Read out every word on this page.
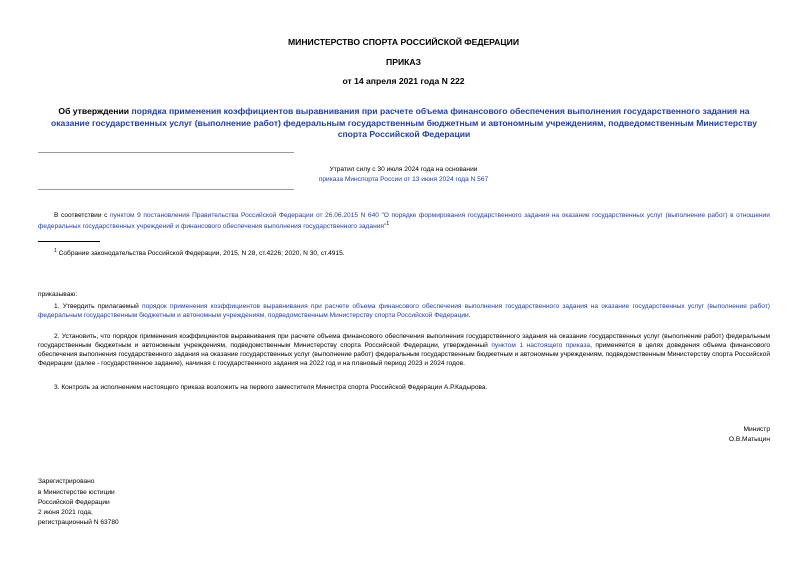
МИНИСТЕРСТВО СПОРТА РОССИЙСКОЙ ФЕДЕРАЦИИ
ПРИКАЗ
от 14 апреля 2021 года N 222
Об утверждении порядка применения коэффициентов выравнивания при расчете объема финансового обеспечения выполнения государственного задания на оказание государственных услуг (выполнение работ) федеральным государственным бюджетным и автономным учреждениям, подведомственным Министерству спорта Российской Федерации
Утратил силу с 30 июля 2024 года на основании
приказа Минспорта России от 13 июня 2024 года N 567
В соответствии с пунктом 9 постановления Правительства Российской Федерации от 26.06.2015 N 640 "О порядке формирования государственного задания на оказание государственных услуг (выполнение работ) в отношении федеральных государственных учреждений и финансового обеспечения выполнения государственного задания"$^1$
$^1$ Собрание законодательства Российской Федерации, 2015, N 28, ст.4226; 2020, N 30, ст.4915.
приказываю:
1. Утвердить прилагаемый порядок применения коэффициентов выравнивания при расчете объема финансового обеспечения выполнения государственного задания на оказание государственных услуг (выполнение работ) федеральным государственным бюджетным и автономным учреждениям, подведомственным Министерству спорта Российской Федерации.
2. Установить, что порядок применения коэффициентов выравнивания при расчете объема финансового обеспечения выполнения государственного задания на оказание государственных услуг (выполнение работ) федеральным государственным бюджетным и автономным учреждениям, подведомственным Министерству спорта Российской Федерации, утвержденный пунктом 1 настоящего приказа, применяется в целях доведения объема финансового обеспечения выполнения государственного задания на оказание государственных услуг (выполнение работ) федеральным государственным бюджетным и автономным учреждениям, подведомственным Министерству спорта Российской Федерации (далее - государственное задание), начиная с государственного задания на 2022 год и на плановый период 2023 и 2024 годов.
3. Контроль за исполнением настоящего приказа возложить на первого заместителя Министра спорта Российской Федерации А.Р.Кадырова.
Министр
О.В.Матыцин
Зарегистрировано
в Министерстве юстиции
Российской Федерации
2 июня 2021 года,
регистрационный N 63780
